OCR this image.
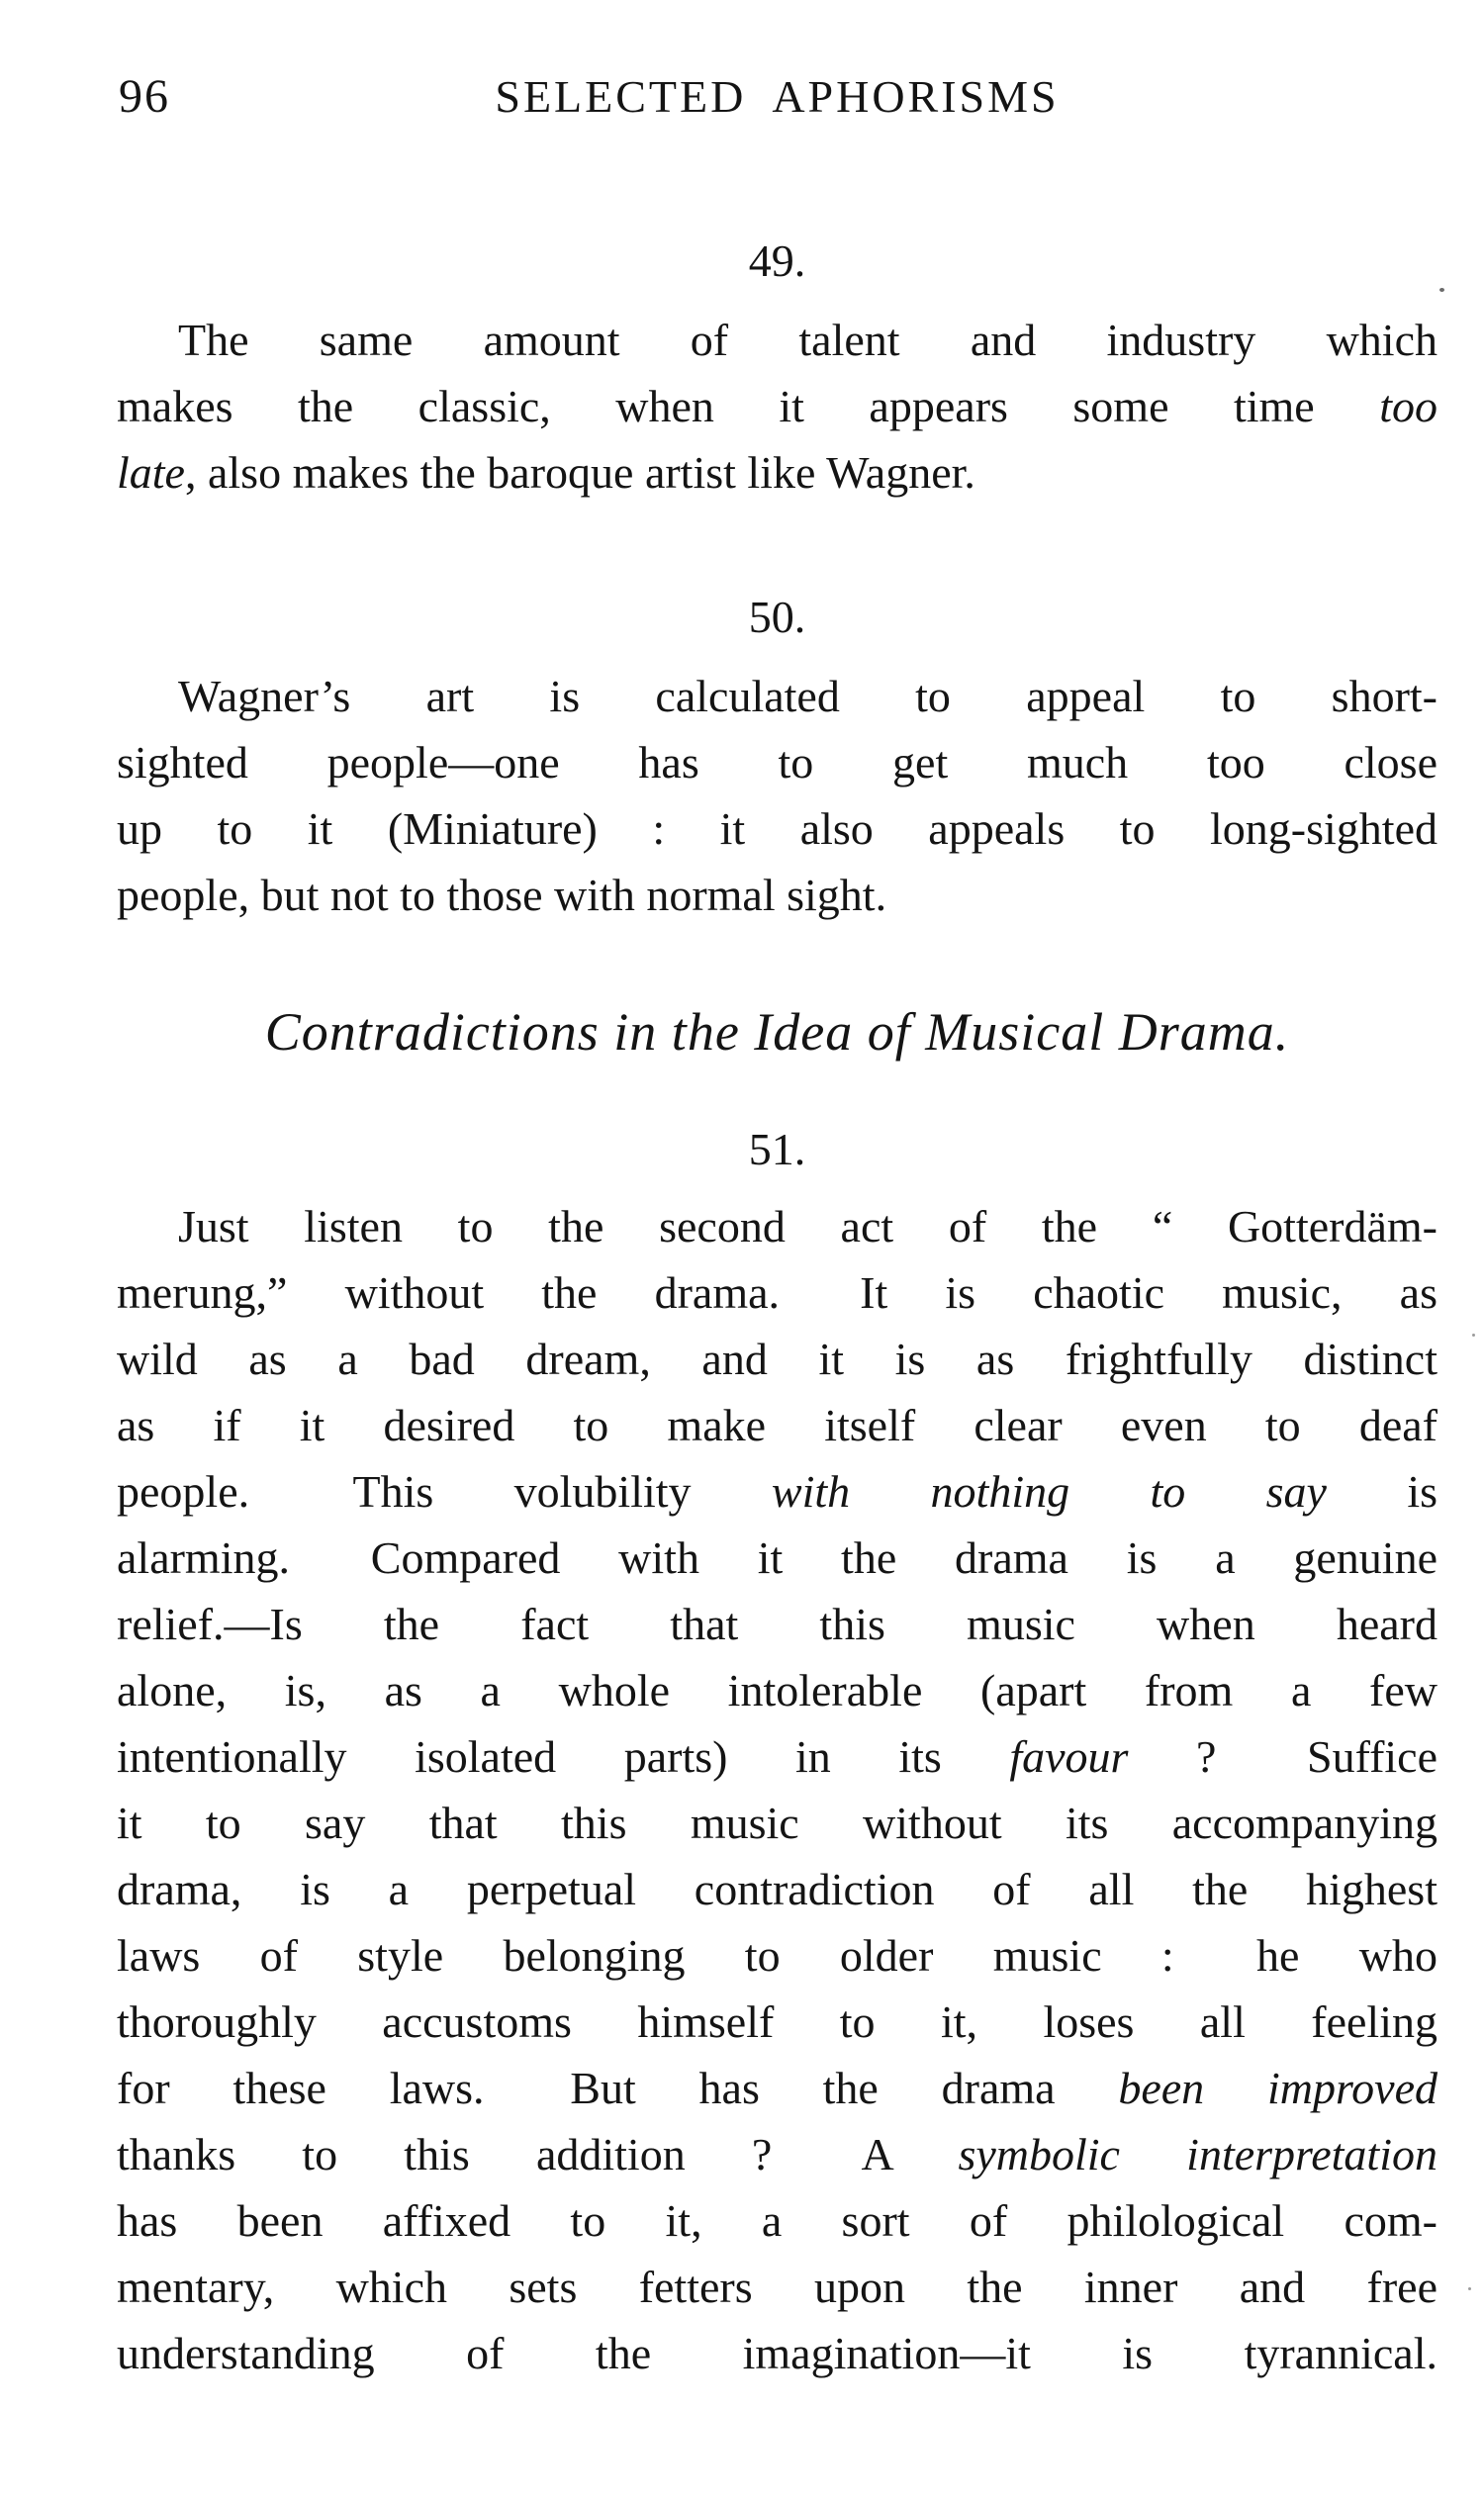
96	SELECTED APHORISMS
49.
The same amount of talent and industry which
makes the classic, when it appears some time too
late, also makes the baroque artist like Wagner.
50.
Wagner’s art is calculated to appeal to short-
sighted people—one has to get much too close
up to it (Miniature) : it also appeals to long-sighted
people, but not to those with normal sight.
Contradictions in the Idea of Musical Drama.
51.
Just listen to the second act of the “ Gotterdäm-
merung,” without the drama.  It is chaotic music, as
wild as a bad dream, and it is as frightfully distinct
as if it desired to make itself clear even to deaf
people.  This volubility with nothing to say is
alarming.  Compared with it the drama is a genuine
relief.—Is the fact that this music when heard
alone, is, as a whole intolerable (apart from a few
intentionally isolated parts) in its favour ?  Suffice
it to say that this music without its accompanying
drama, is a perpetual contradiction of all the highest
laws of style belonging to older music :  he who
thoroughly accustoms himself to it, loses all feeling
for these laws.  But has the drama been improved
thanks to this addition ?  A symbolic interpretation
has been affixed to it, a sort of philological com-
mentary, which sets fetters upon the inner and free
understanding of the imagination—it is tyrannical.
